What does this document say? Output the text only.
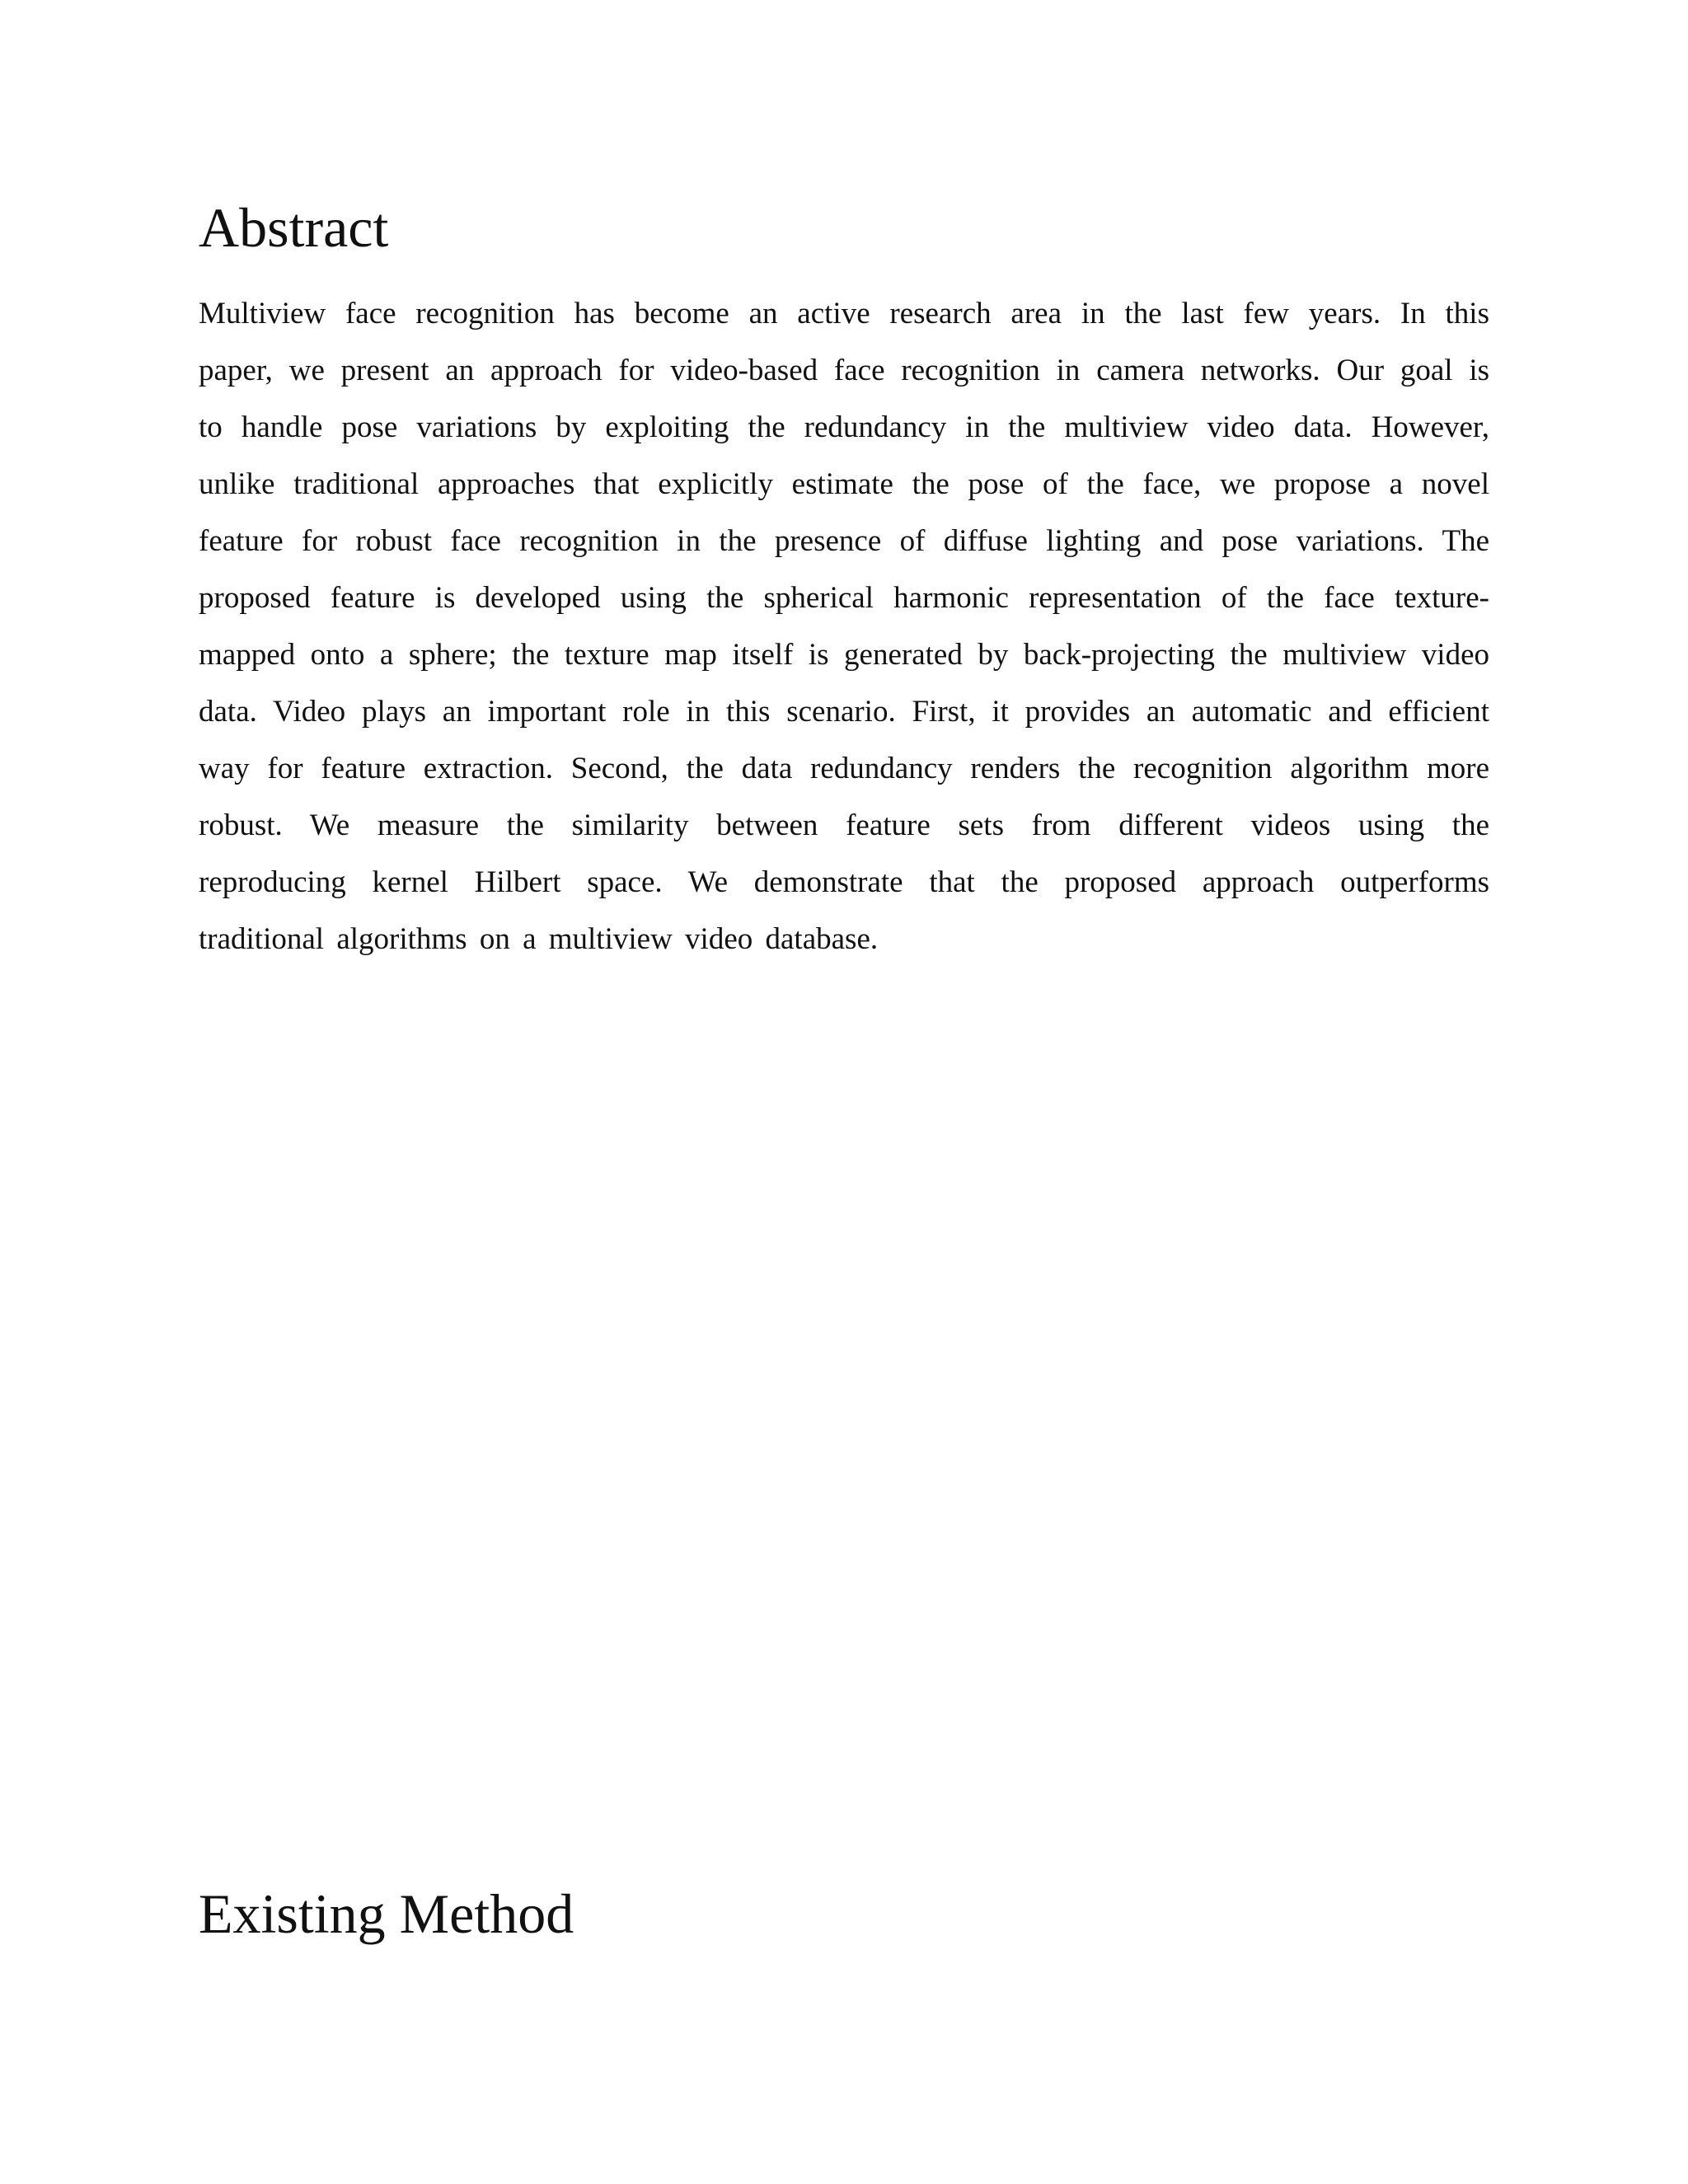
Abstract
Multiview face recognition has become an active research area in the last few years. In this
paper, we present an approach for video-based face recognition in camera networks. Our goal is
to handle pose variations by exploiting the redundancy in the multiview video data. However,
unlike traditional approaches that explicitly estimate the pose of the face, we propose a novel
feature for robust face recognition in the presence of diffuse lighting and pose variations. The
proposed feature is developed using the spherical harmonic representation of the face texture-
mapped onto a sphere; the texture map itself is generated by back-projecting the multiview video
data. Video plays an important role in this scenario. First, it provides an automatic and efficient
way for feature extraction. Second, the data redundancy renders the recognition algorithm more
robust. We measure the similarity between feature sets from different videos using the
reproducing kernel Hilbert space. We demonstrate that the proposed approach outperforms
traditional algorithms on a multiview video database.
Existing Method
